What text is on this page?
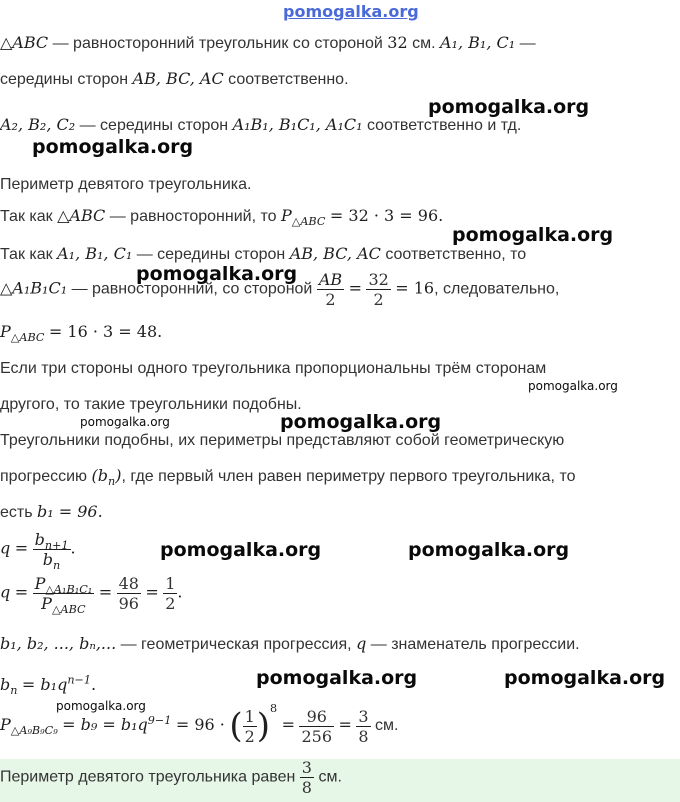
pomogalka.org
△ABC — равносторонний треугольник со стороной 32 см. A₁, B₁, C₁ —
середины сторон AB, BC, AC соответственно.
A₂, B₂, C₂ — середины сторон A₁B₁, B₁C₁, A₁C₁ соответственно и тд.
Периметр девятого треугольника.
Так как △ABC — равносторонний, то $P_{\triangle ABC} = 32 \cdot 3 = 96$.
Так как A₁, B₁, C₁ — середины сторон AB, BC, AC соответственно, то
△A₁B₁C₁ — равносторонний, со стороной $\frac{AB}{2} = \frac{32}{2} = 16$, следовательно,
$P_{\triangle ABC} = 16 \cdot 3 = 48$.
Если три стороны одного треугольника пропорциональны трём сторонам
другого, то такие треугольники подобны.
Треугольники подобны, их периметры представляют собой геометрическую
прогрессию $(b_n)$, где первый член равен периметру первого треугольника, то
есть b₁ = 96.
$q = \frac{b_{n+1}}{b_n}$ .
$q = \frac{P_{\triangle A_1B_1C_1}}{P_{\triangle ABC}} = \frac{48}{96} = \frac{1}{2}$ .
b₁, b₂, ..., bₙ,... — геометрическая прогрессия, q — знаменатель прогрессии.
$b_n = b_1q^{n-1}$.
$P_{\triangle A_9B_9C_9} = b_9 = b_1q^{9-1} = 96$ · ( $\frac{1}{2} )^8 = \frac{96}{256} = \frac{3}{8}$ см.
Периметр девятого треугольника равен $\frac{3}{8}$ см.
pomogalka.org
pomogalka.org
pomogalka.org
pomogalka.org
pomogalka.org
pomogalka.org	pomogalka.org
pomogalka.org	pomogalka.org
pomogalka.org	pomogalka.org
pomogalka.org
